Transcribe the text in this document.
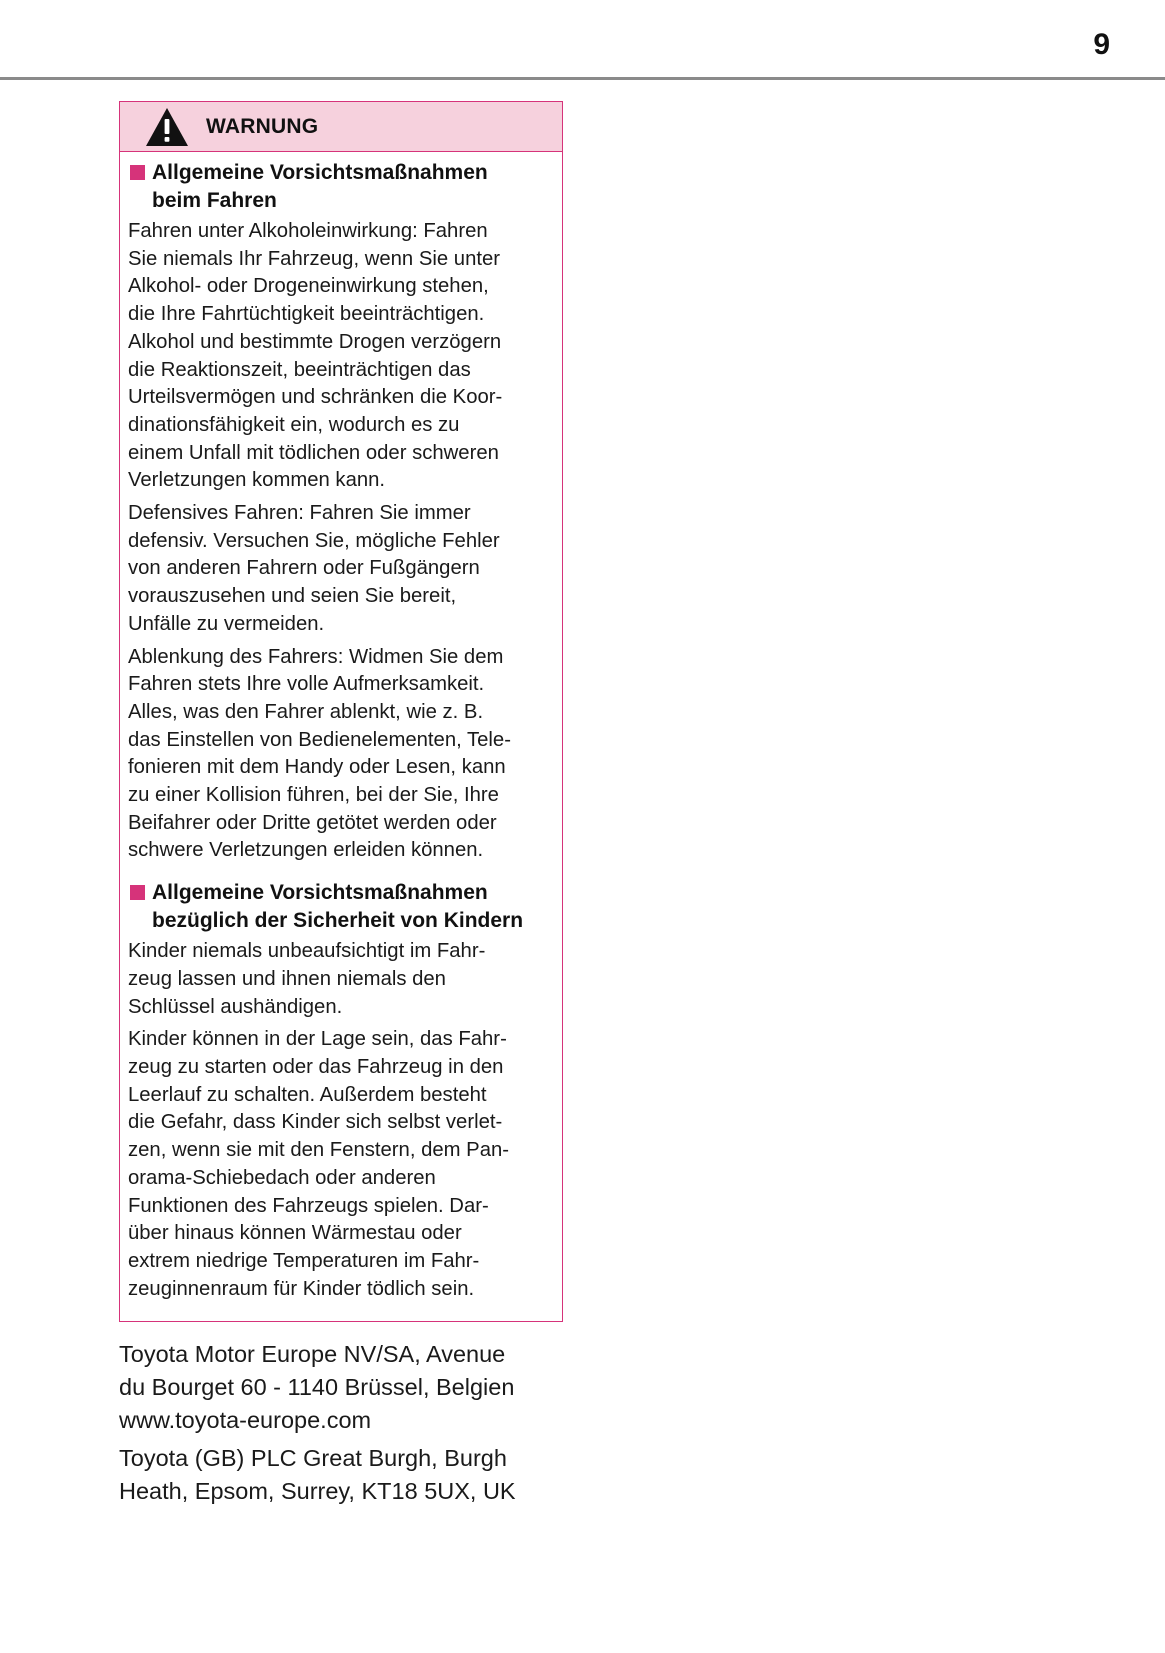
9
WARNUNG
Allgemeine Vorsichtsmaßnahmen
beim Fahren

Fahren unter Alkoholeinwirkung: Fahren
Sie niemals Ihr Fahrzeug, wenn Sie unter
Alkohol- oder Drogeneinwirkung stehen,
die Ihre Fahrtüchtigkeit beeinträchtigen.
Alkohol und bestimmte Drogen verzögern
die Reaktionszeit, beeinträchtigen das
Urteilsvermögen und schränken die Koor-
dinationsfähigkeit ein, wodurch es zu
einem Unfall mit tödlichen oder schweren
Verletzungen kommen kann.

Defensives Fahren: Fahren Sie immer
defensiv. Versuchen Sie, mögliche Fehler
von anderen Fahrern oder Fußgängern
vorauszusehen und seien Sie bereit,
Unfälle zu vermeiden.

Ablenkung des Fahrers: Widmen Sie dem
Fahren stets Ihre volle Aufmerksamkeit.
Alles, was den Fahrer ablenkt, wie z. B.
das Einstellen von Bedienelementen, Tele-
fonieren mit dem Handy oder Lesen, kann
zu einer Kollision führen, bei der Sie, Ihre
Beifahrer oder Dritte getötet werden oder
schwere Verletzungen erleiden können.

Allgemeine Vorsichtsmaßnahmen
bezüglich der Sicherheit von Kindern

Kinder niemals unbeaufsichtigt im Fahr-
zeug lassen und ihnen niemals den
Schlüssel aushändigen.

Kinder können in der Lage sein, das Fahr-
zeug zu starten oder das Fahrzeug in den
Leerlauf zu schalten. Außerdem besteht
die Gefahr, dass Kinder sich selbst verlet-
zen, wenn sie mit den Fenstern, dem Pan-
orama-Schiebedach oder anderen
Funktionen des Fahrzeugs spielen. Dar-
über hinaus können Wärmestau oder
extrem niedrige Temperaturen im Fahr-
zeuginnenraum für Kinder tödlich sein.

Toyota Motor Europe NV/SA, Avenue
du Bourget 60 - 1140 Brüssel, Belgien
www.toyota-europe.com
Toyota (GB) PLC Great Burgh, Burgh
Heath, Epsom, Surrey, KT18 5UX, UK
